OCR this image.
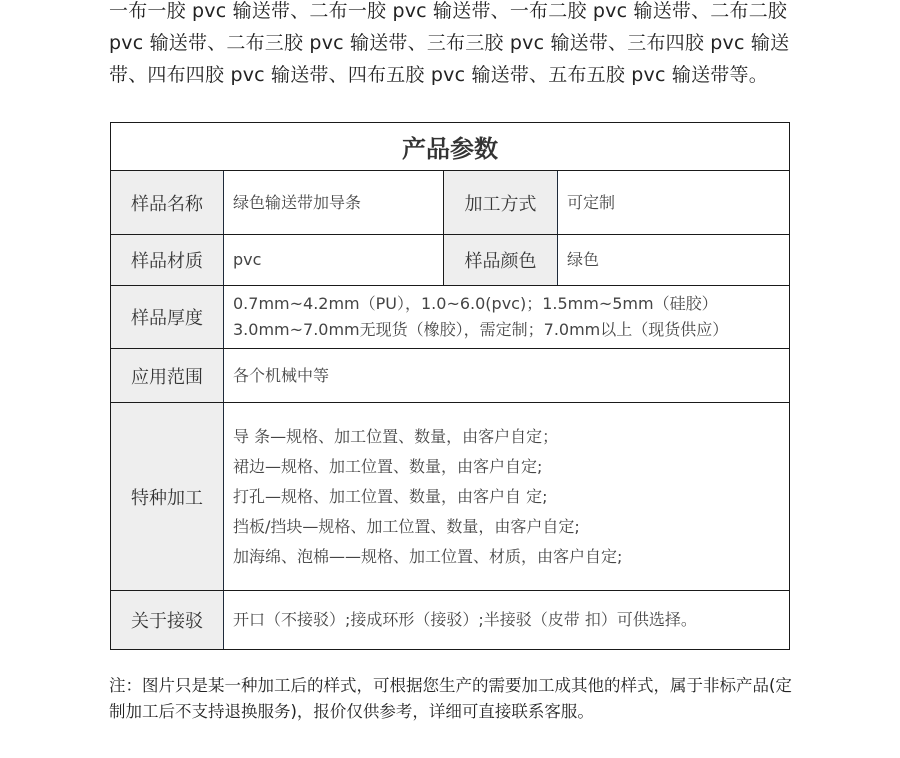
一布一胶 pvc 输送带、二布一胶 pvc 输送带、一布二胶 pvc 输送带、二布二胶 pvc 输送带、二布三胶 pvc 输送带、三布三胶 pvc 输送带、三布四胶 pvc 输送带、四布四胶 pvc 输送带、四布五胶 pvc 输送带、五布五胶 pvc 输送带等。

产品参数			
样品名称	绿色输送带加导条	加工方式	可定制
样品材质	pvc	样品颜色	绿色
样品厚度	0.7mm~4.2mm（PU），1.0~6.0(pvc)；1.5mm~5mm（硅胶）
3.0mm~7.0mm无现货（橡胶），需定制；7.0mm以上（现货供应）		

应用范围	各个机械中等		
特种加工	导 条—规格、加工位置、数量，由客户自定；
裙边—规格、加工位置、数量，由客户自定;
打孔—规格、加工位置、数量，由客户自 定;
挡板/挡块—规格、加工位置、数量，由客户自定;
加海绵、泡棉——规格、加工位置、材质，由客户自定;		

关于接驳	开口（不接驳）;接成环形（接驳）;半接驳（皮带 扣）可供选择。		

注：图片只是某一种加工后的样式，可根据您生产的需要加工成其他的样式，属于非标产品(定制加工后不支持退换服务)，报价仅供参考，详细可直接联系客服。
